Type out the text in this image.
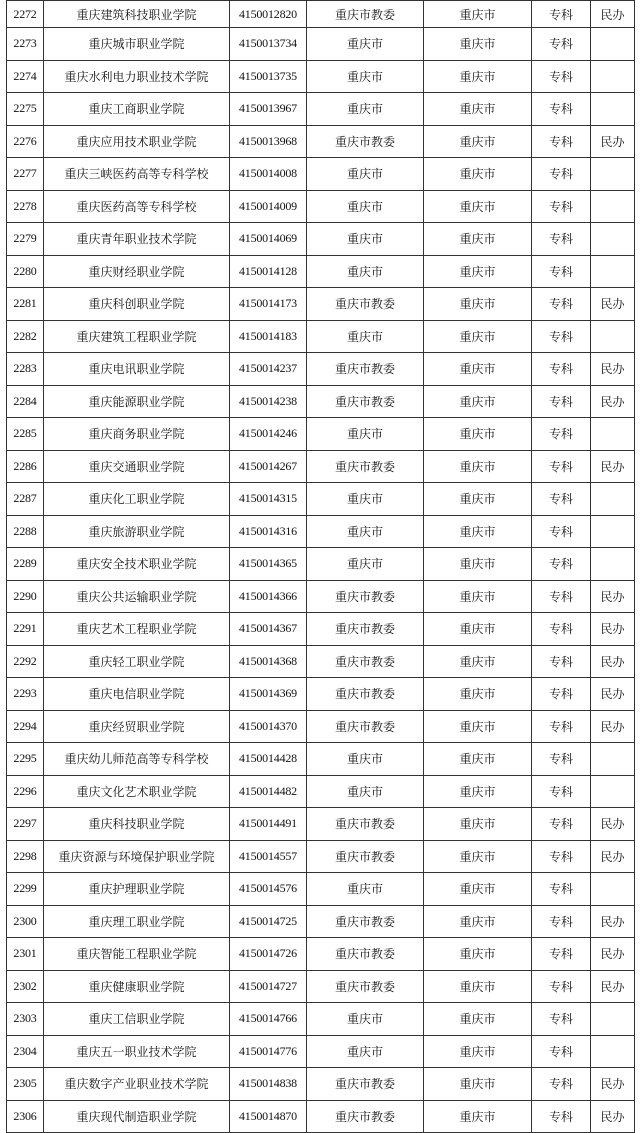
2272	重庆建筑科技职业学院	4150012820	重庆市教委	重庆市	专科	民办
2273	重庆城市职业学院	4150013734	重庆市	重庆市	专科	
2274	重庆水利电力职业技术学院	4150013735	重庆市	重庆市	专科	
2275	重庆工商职业学院	4150013967	重庆市	重庆市	专科	
2276	重庆应用技术职业学院	4150013968	重庆市教委	重庆市	专科	民办
2277	重庆三峡医药高等专科学校	4150014008	重庆市	重庆市	专科	
2278	重庆医药高等专科学校	4150014009	重庆市	重庆市	专科	
2279	重庆青年职业技术学院	4150014069	重庆市	重庆市	专科	
2280	重庆财经职业学院	4150014128	重庆市	重庆市	专科	
2281	重庆科创职业学院	4150014173	重庆市教委	重庆市	专科	民办
2282	重庆建筑工程职业学院	4150014183	重庆市	重庆市	专科	
2283	重庆电讯职业学院	4150014237	重庆市教委	重庆市	专科	民办
2284	重庆能源职业学院	4150014238	重庆市教委	重庆市	专科	民办
2285	重庆商务职业学院	4150014246	重庆市	重庆市	专科	
2286	重庆交通职业学院	4150014267	重庆市教委	重庆市	专科	民办
2287	重庆化工职业学院	4150014315	重庆市	重庆市	专科	
2288	重庆旅游职业学院	4150014316	重庆市	重庆市	专科	
2289	重庆安全技术职业学院	4150014365	重庆市	重庆市	专科	
2290	重庆公共运输职业学院	4150014366	重庆市教委	重庆市	专科	民办
2291	重庆艺术工程职业学院	4150014367	重庆市教委	重庆市	专科	民办
2292	重庆轻工职业学院	4150014368	重庆市教委	重庆市	专科	民办
2293	重庆电信职业学院	4150014369	重庆市教委	重庆市	专科	民办
2294	重庆经贸职业学院	4150014370	重庆市教委	重庆市	专科	民办
2295	重庆幼儿师范高等专科学校	4150014428	重庆市	重庆市	专科	
2296	重庆文化艺术职业学院	4150014482	重庆市	重庆市	专科	
2297	重庆科技职业学院	4150014491	重庆市教委	重庆市	专科	民办
2298	重庆资源与环境保护职业学院	4150014557	重庆市教委	重庆市	专科	民办
2299	重庆护理职业学院	4150014576	重庆市	重庆市	专科	
2300	重庆理工职业学院	4150014725	重庆市教委	重庆市	专科	民办
2301	重庆智能工程职业学院	4150014726	重庆市教委	重庆市	专科	民办
2302	重庆健康职业学院	4150014727	重庆市教委	重庆市	专科	民办
2303	重庆工信职业学院	4150014766	重庆市	重庆市	专科	
2304	重庆五一职业技术学院	4150014776	重庆市	重庆市	专科	
2305	重庆数字产业职业技术学院	4150014838	重庆市教委	重庆市	专科	民办
2306	重庆现代制造职业学院	4150014870	重庆市教委	重庆市	专科	民办
